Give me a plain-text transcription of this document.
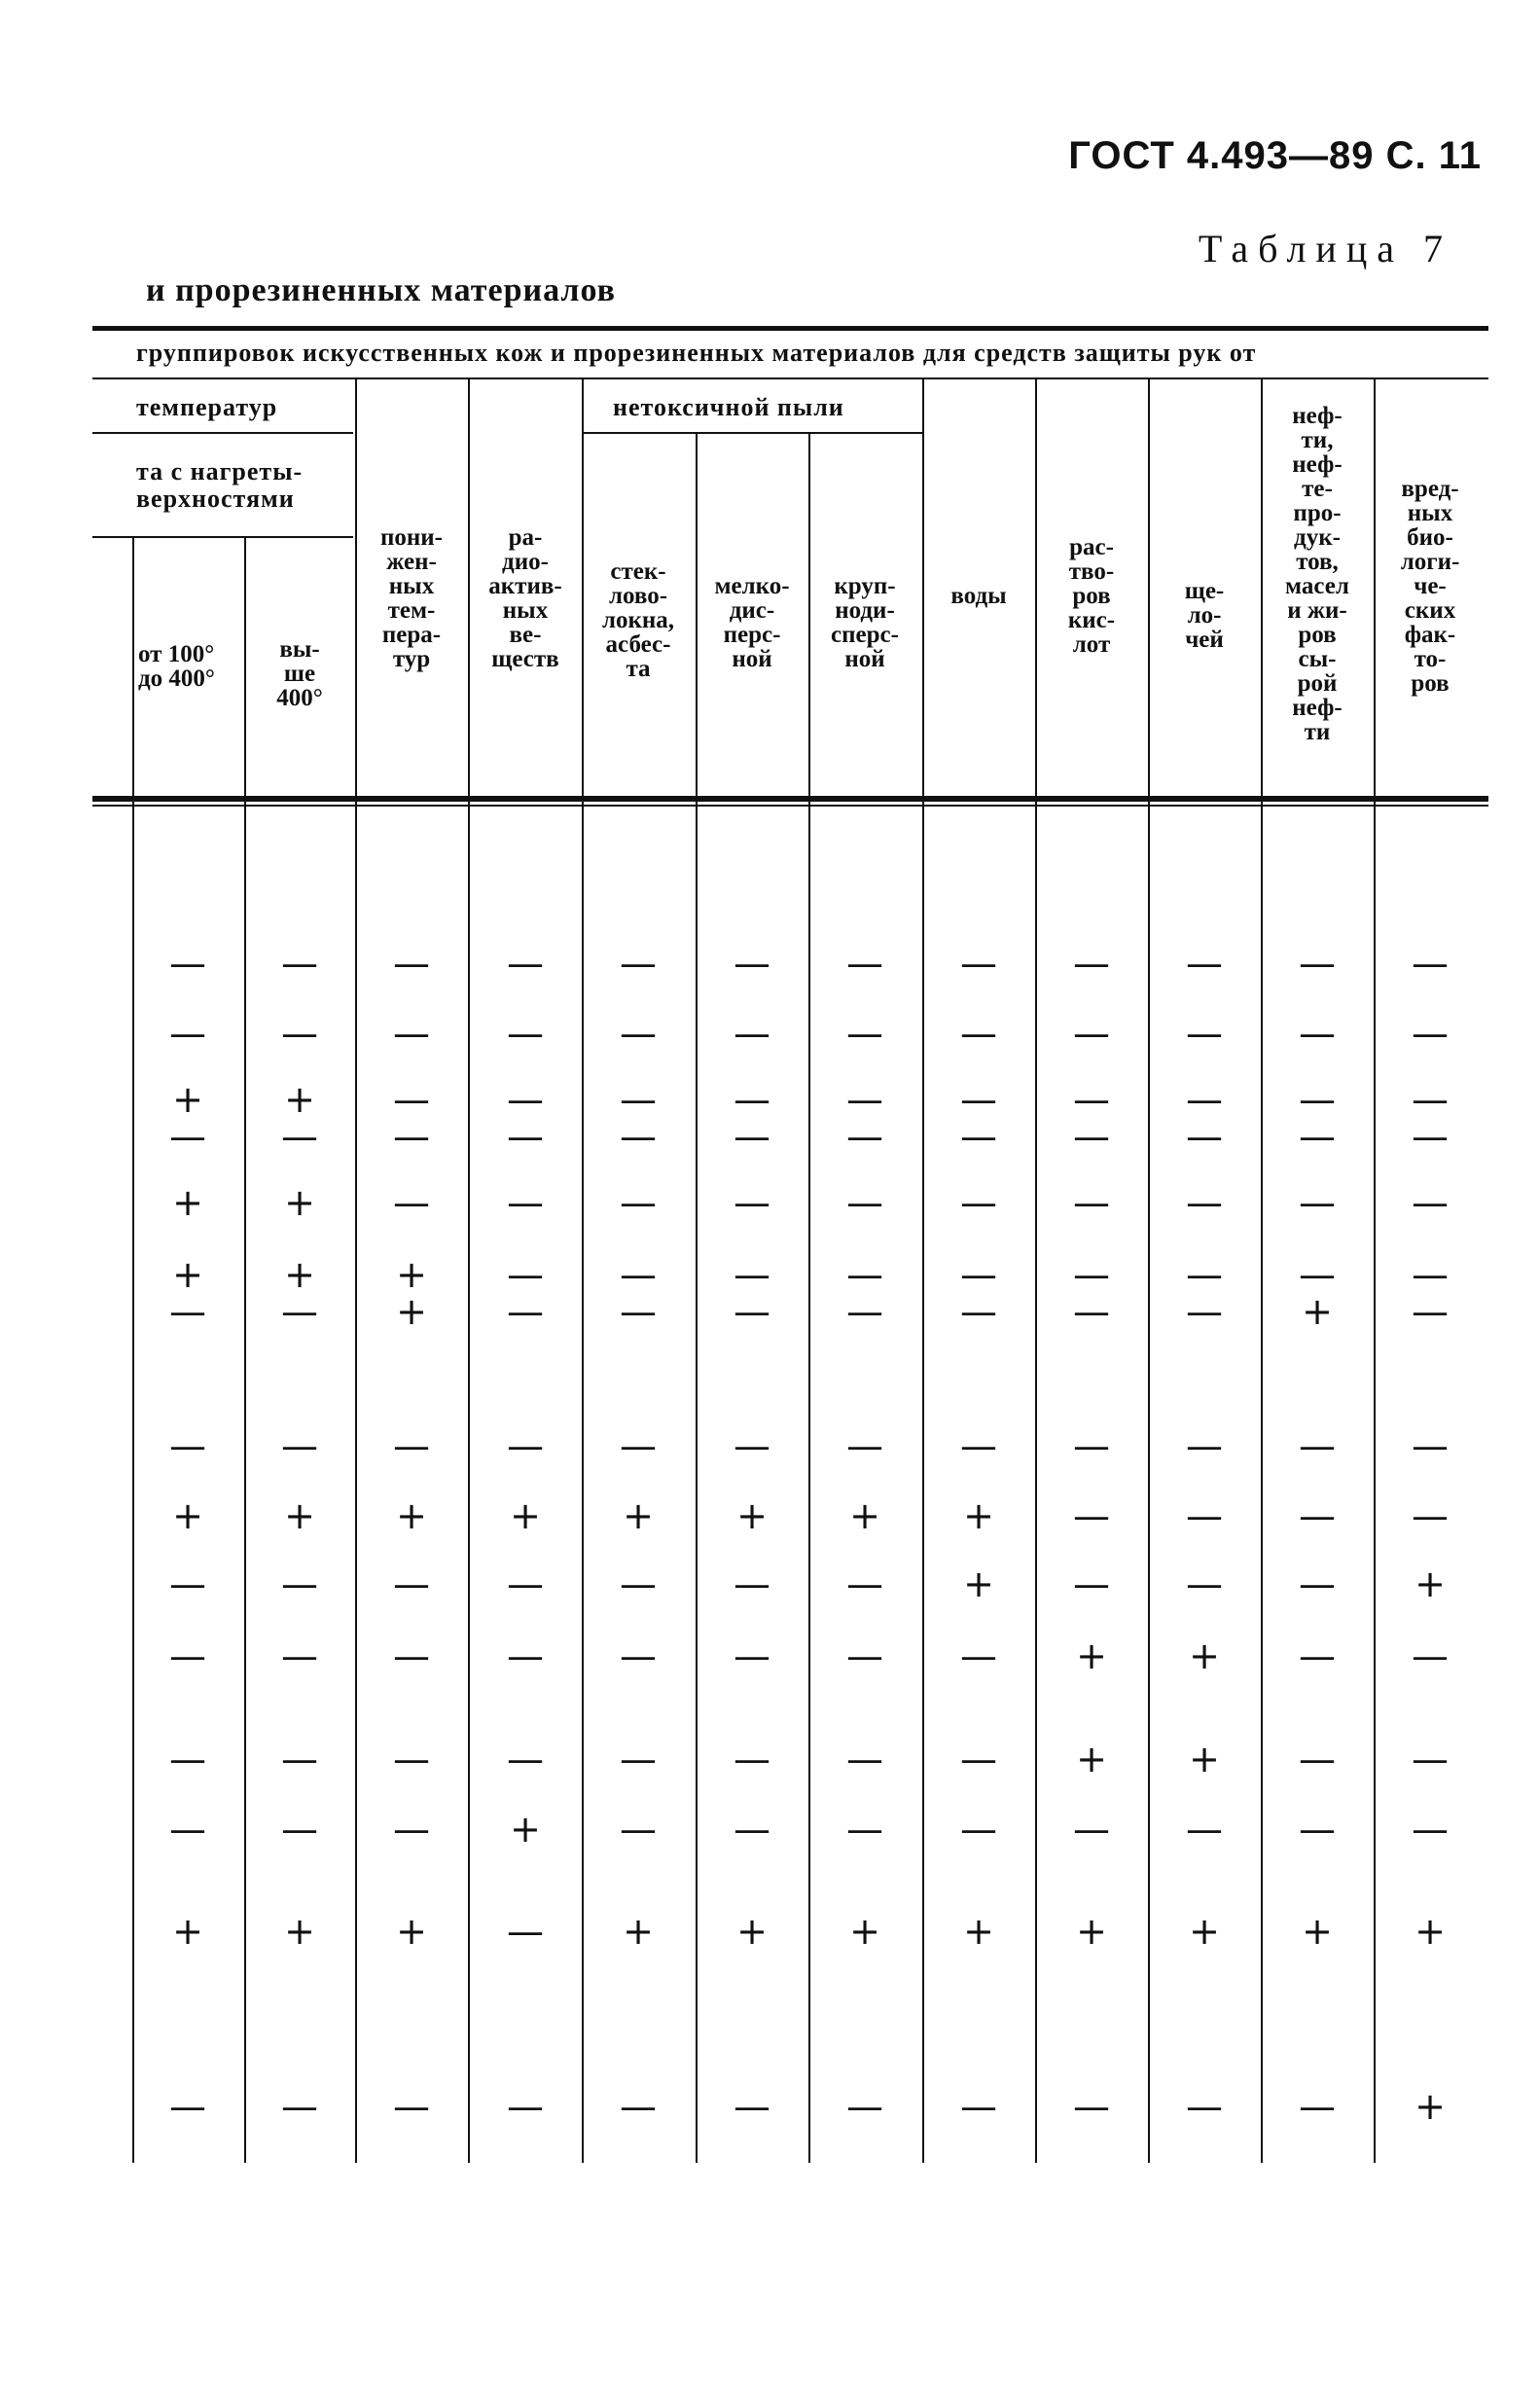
ГОСТ 4.493—89 С. 11
Таблица 7
и прорезиненных материалов
группировок искусственных кож и прорезиненных материалов для средств защиты рук от
температур
та с нагреты-
верхностями
нетоксичной пыли
от 100°
до 400°
вы-
ше
400°
пони-
жен-
ных
тем-
пера-
тур
ра-
дио-
актив-
ных
ве-
ществ
стек-
лово-
локна,
асбес-
та
мелко-
дис-
перс-
ной
круп-
ноди-
сперс-
ной
воды
рас-
тво-
ров
кис-
лот
ще-
ло-
чей
неф-
ти,
неф-
те-
про-
дук-
тов,
масел
и жи-
ров
сы-
рой
неф-
ти
вред-
ных
био-
логи-
че-
ских
фак-
то-
ров
— — — — — — — — — — — —
— — — — — — — — — — — —
+ + — — — — — — — — — —
— — — — — — — — — — — —
+ + — — — — — — — — — —
+ + + — — — — — — — — —
— — + — — — — — — — + —
— — — — — — — — — — — —
+ + + + + + + + — — — —
— — — — — — — + — — — +
— — — — — — — — + + — —
— — — — — — — — + + — —
— — — + — — — — — — — —
+ + + — + + + + + + + +
— — — — — — — — — — — +
